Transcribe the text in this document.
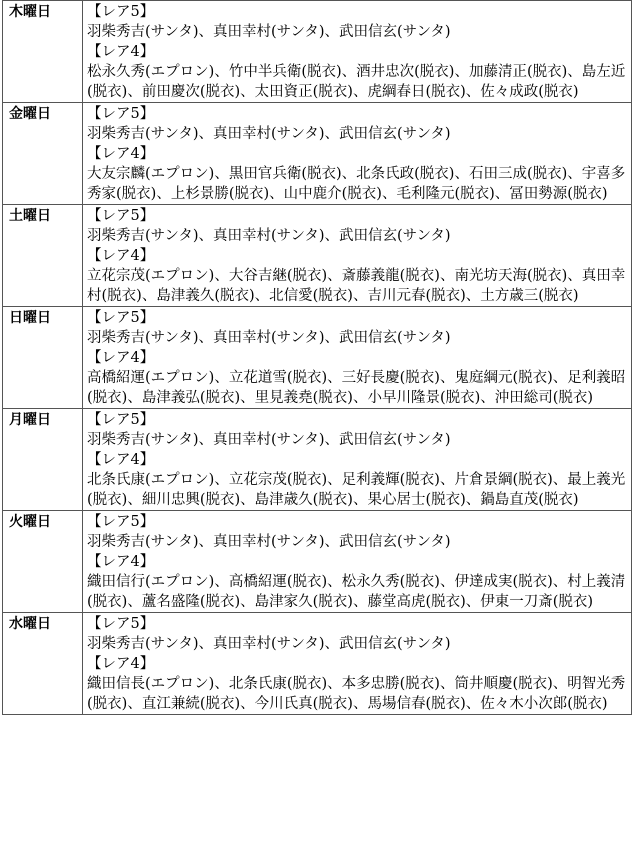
木曜日	【レア5】
羽柴秀吉(サンタ)、真田幸村(サンタ)、武田信玄(サンタ)
【レア4】
松永久秀(エプロン)、竹中半兵衛(脱衣)、酒井忠次(脱衣)、加藤清正(脱衣)、島左近(脱衣)、前田慶次(脱衣)、太田資正(脱衣)、虎綱春日(脱衣)、佐々成政(脱衣)

金曜日	【レア5】
羽柴秀吉(サンタ)、真田幸村(サンタ)、武田信玄(サンタ)
【レア4】
大友宗麟(エプロン)、黒田官兵衛(脱衣)、北条氏政(脱衣)、石田三成(脱衣)、宇喜多秀家(脱衣)、上杉景勝(脱衣)、山中鹿介(脱衣)、毛利隆元(脱衣)、冨田勢源(脱衣)

土曜日	【レア5】
羽柴秀吉(サンタ)、真田幸村(サンタ)、武田信玄(サンタ)
【レア4】
立花宗茂(エプロン)、大谷吉継(脱衣)、斎藤義龍(脱衣)、南光坊天海(脱衣)、真田幸村(脱衣)、島津義久(脱衣)、北信愛(脱衣)、吉川元春(脱衣)、土方歳三(脱衣)

日曜日	【レア5】
羽柴秀吉(サンタ)、真田幸村(サンタ)、武田信玄(サンタ)
【レア4】
高橋紹運(エプロン)、立花道雪(脱衣)、三好長慶(脱衣)、鬼庭綱元(脱衣)、足利義昭(脱衣)、島津義弘(脱衣)、里見義堯(脱衣)、小早川隆景(脱衣)、沖田総司(脱衣)

月曜日	【レア5】
羽柴秀吉(サンタ)、真田幸村(サンタ)、武田信玄(サンタ)
【レア4】
北条氏康(エプロン)、立花宗茂(脱衣)、足利義輝(脱衣)、片倉景綱(脱衣)、最上義光(脱衣)、細川忠興(脱衣)、島津歳久(脱衣)、果心居士(脱衣)、鍋島直茂(脱衣)

火曜日	【レア5】
羽柴秀吉(サンタ)、真田幸村(サンタ)、武田信玄(サンタ)
【レア4】
織田信行(エプロン)、高橋紹運(脱衣)、松永久秀(脱衣)、伊達成実(脱衣)、村上義清(脱衣)、蘆名盛隆(脱衣)、島津家久(脱衣)、藤堂高虎(脱衣)、伊東一刀斎(脱衣)

水曜日	【レア5】
羽柴秀吉(サンタ)、真田幸村(サンタ)、武田信玄(サンタ)
【レア4】
織田信長(エプロン)、北条氏康(脱衣)、本多忠勝(脱衣)、筒井順慶(脱衣)、明智光秀(脱衣)、直江兼続(脱衣)、今川氏真(脱衣)、馬場信春(脱衣)、佐々木小次郎(脱衣)
